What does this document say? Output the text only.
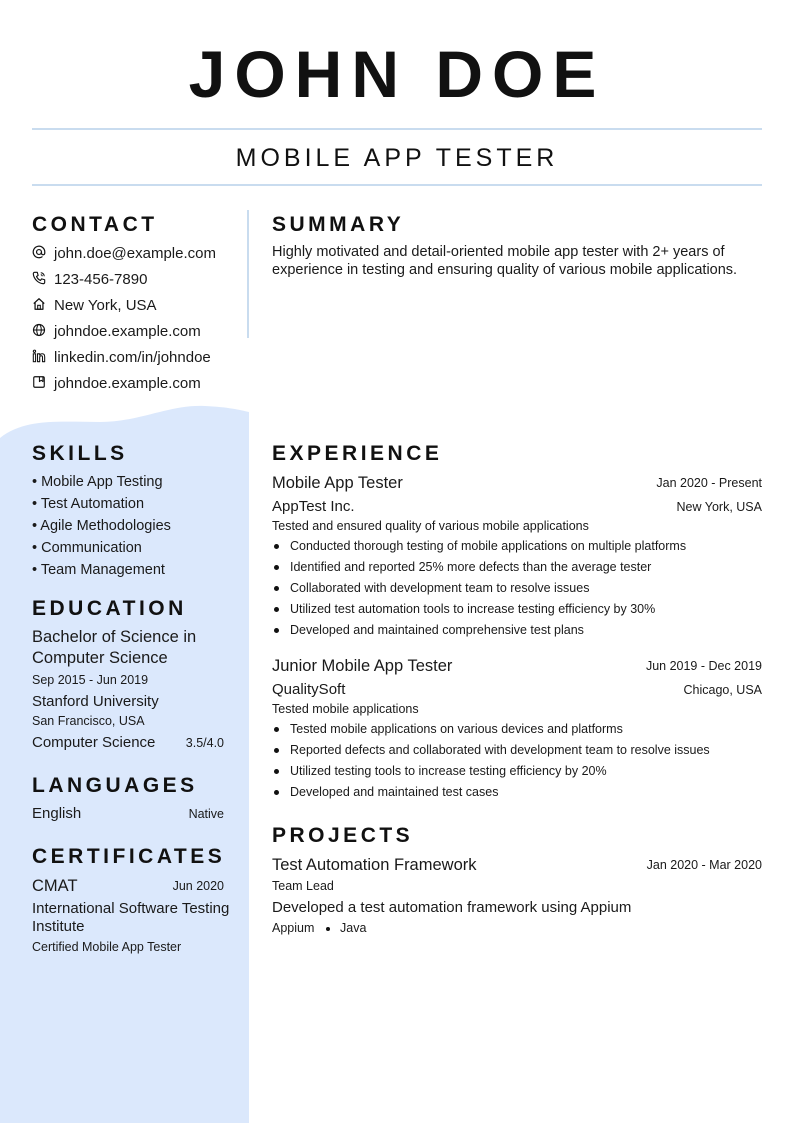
JOHN DOE
MOBILE APP TESTER
CONTACT
john.doe@example.com
123-456-7890
New York, USA
johndoe.example.com
linkedin.com/in/johndoe
johndoe.example.com
SUMMARY
Highly motivated and detail-oriented mobile app tester with 2+ years of experience in testing and ensuring quality of various mobile applications.
SKILLS
• Mobile App Testing
• Test Automation
• Agile Methodologies
• Communication
• Team Management
EDUCATION
Bachelor of Science in Computer Science
Sep 2015 - Jun 2019
Stanford University
San Francisco, USA
Computer Science	3.5/4.0
LANGUAGES
English	Native
CERTIFICATES
CMAT	Jun 2020
International Software Testing Institute
Certified Mobile App Tester
EXPERIENCE
Mobile App Tester	Jan 2020 - Present
AppTest Inc.	New York, USA
Tested and ensured quality of various mobile applications
Conducted thorough testing of mobile applications on multiple platforms
Identified and reported 25% more defects than the average tester
Collaborated with development team to resolve issues
Utilized test automation tools to increase testing efficiency by 30%
Developed and maintained comprehensive test plans
Junior Mobile App Tester	Jun 2019 - Dec 2019
QualitySoft	Chicago, USA
Tested mobile applications
Tested mobile applications on various devices and platforms
Reported defects and collaborated with development team to resolve issues
Utilized testing tools to increase testing efficiency by 20%
Developed and maintained test cases
PROJECTS
Test Automation Framework	Jan 2020 - Mar 2020
Team Lead
Developed a test automation framework using Appium
Appium Java
